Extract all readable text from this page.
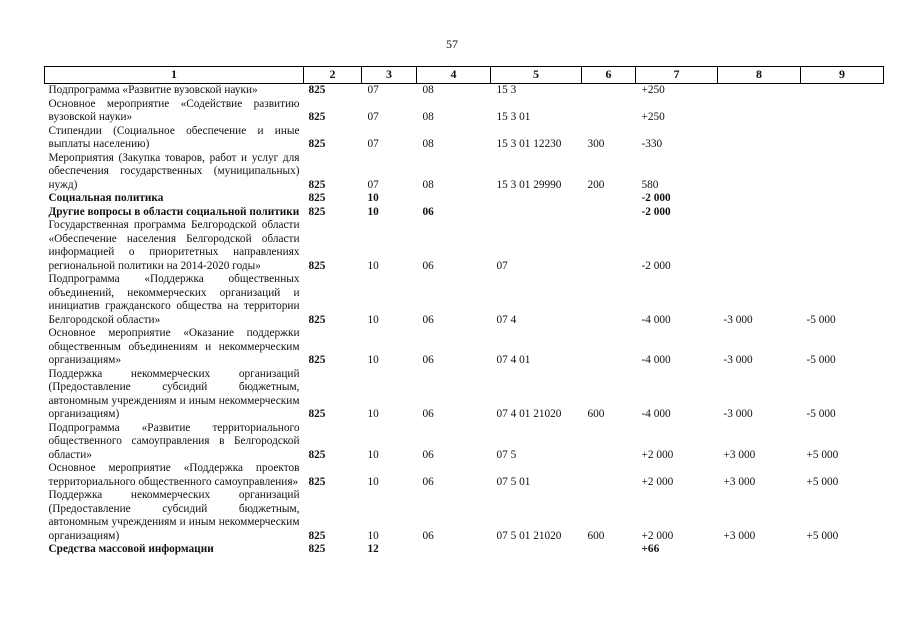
57
1	2	3	4	5	6	7	8	9
Подпрограмма «Развитие вузовской науки»	825	07	08	15 3		+250		
Основное мероприятие «Содействие развитию вузовской науки»	825	07	08	15 3 01		+250		
Стипендии (Социальное обеспечение и иные выплаты населению)	825	07	08	15 3 01 12230	300	-330		
Мероприятия (Закупка товаров, работ и услуг для обеспечения государственных (муниципальных) нужд)	825	07	08	15 3 01 29990	200	580		
Социальная политика	825	10				-2 000		
Другие вопросы в области социальной политики	825	10	06			-2 000		
Государственная программа Белгородской области «Обеспечение населения Белгородской области информацией о приоритетных направлениях региональной политики на 2014-2020 годы»	825	10	06	07		-2 000		
Подпрограмма «Поддержка общественных объединений, некоммерческих организаций и инициатив гражданского общества на территории Белгородской области»	825	10	06	07 4		-4 000	-3 000	-5 000
Основное мероприятие «Оказание поддержки общественным объединениям и некоммерческим организациям»	825	10	06	07 4 01		-4 000	-3 000	-5 000
Поддержка некоммерческих организаций (Предоставление субсидий бюджетным, автономным учреждениям и иным некоммерческим организациям)	825	10	06	07 4 01 21020	600	-4 000	-3 000	-5 000
Подпрограмма «Развитие территориального общественного самоуправления в Белгородской области»	825	10	06	07 5		+2 000	+3 000	+5 000
Основное мероприятие «Поддержка проектов территориального общественного самоуправления»	825	10	06	07 5 01		+2 000	+3 000	+5 000
Поддержка некоммерческих организаций (Предоставление субсидий бюджетным, автономным учреждениям и иным некоммерческим организациям)	825	10	06	07 5 01 21020	600	+2 000	+3 000	+5 000
Средства массовой информации	825	12				+66		
